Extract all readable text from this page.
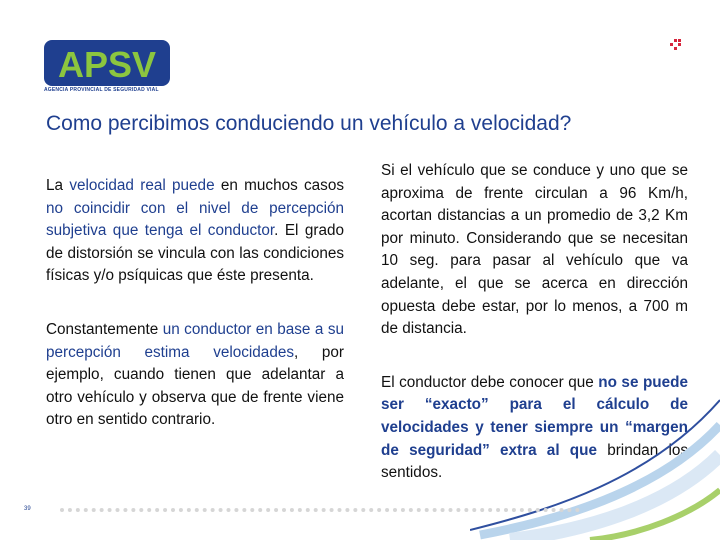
APSV
AGENCIA PROVINCIAL DE SEGURIDAD VIAL
Como percibimos conduciendo un vehículo a velocidad?

La velocidad real puede en muchos casos no coincidir con el nivel de percepción subjetiva que tenga el conductor. El grado de distorsión se vincula con las condiciones físicas y/o psíquicas que éste presenta.

Constantemente un conductor en base a su percepción estima velocidades, por ejemplo, cuando tienen que adelantar a otro vehículo y observa que de frente viene otro en sentido contrario.

Si el vehículo que se conduce y uno que se aproxima de frente circulan a 96 Km/h, acortan distancias a un promedio de 3,2 Km por minuto. Considerando que se necesitan 10 seg. para pasar al vehículo que va adelante, el que se acerca en dirección opuesta debe estar, por lo menos, a 700 m de distancia.

El conductor debe conocer que no se puede ser “exacto” para el cálculo de velocidades y tener siempre un “margen de seguridad” extra al que brindan los sentidos.

39
